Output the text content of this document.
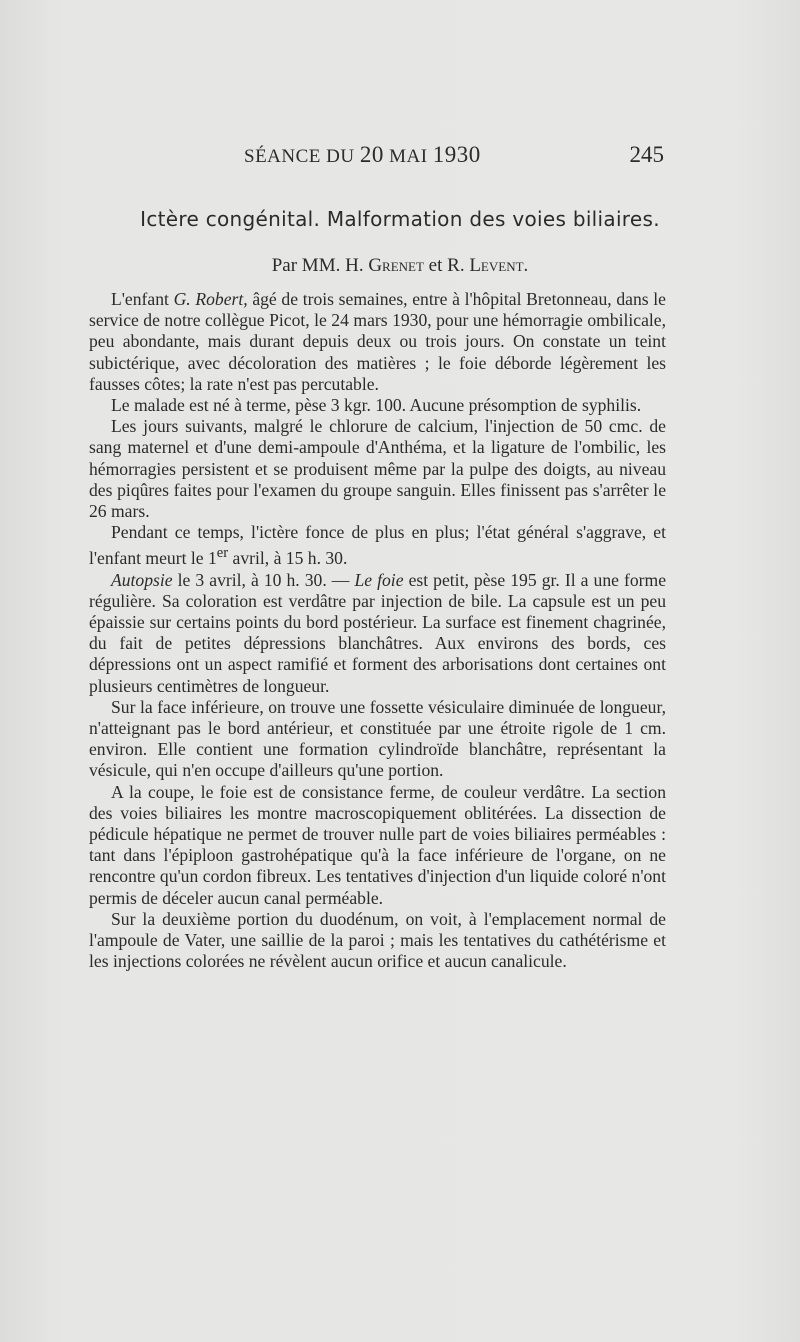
SÉANCE DU 20 MAI 1930	245
Ictère congénital. Malformation des voies biliaires.
Par MM. H. Grenet et R. Levent.

L'enfant G. Robert, âgé de trois semaines, entre à l'hôpital Bretonneau, dans le service de notre collègue Picot, le 24 mars 1930, pour une hémorragie ombilicale, peu abondante, mais durant depuis deux ou trois jours. On constate un teint subictérique, avec décoloration des matières ; le foie déborde légèrement les fausses côtes; la rate n'est pas percutable.

Le malade est né à terme, pèse 3 kgr. 100. Aucune présomption de syphilis.

Les jours suivants, malgré le chlorure de calcium, l'injection de 50 cmc. de sang maternel et d'une demi-ampoule d'Anthéma, et la ligature de l'ombilic, les hémorragies persistent et se produisent même par la pulpe des doigts, au niveau des piqûres faites pour l'examen du groupe sanguin. Elles finissent pas s'arrêter le 26 mars.

Pendant ce temps, l'ictère fonce de plus en plus; l'état général s'aggrave, et l'enfant meurt le 1er avril, à 15 h. 30.

Autopsie le 3 avril, à 10 h. 30. — Le foie est petit, pèse 195 gr. Il a une forme régulière. Sa coloration est verdâtre par injection de bile. La capsule est un peu épaissie sur certains points du bord postérieur. La surface est finement chagrinée, du fait de petites dépressions blanchâtres. Aux environs des bords, ces dépressions ont un aspect ramifié et forment des arborisations dont certaines ont plusieurs centimètres de longueur.

Sur la face inférieure, on trouve une fossette vésiculaire diminuée de longueur, n'atteignant pas le bord antérieur, et constituée par une étroite rigole de 1 cm. environ. Elle contient une formation cylindroïde blanchâtre, représentant la vésicule, qui n'en occupe d'ailleurs qu'une portion.

A la coupe, le foie est de consistance ferme, de couleur verdâtre. La section des voies biliaires les montre macroscopiquement oblitérées. La dissection de pédicule hépatique ne permet de trouver nulle part de voies biliaires perméables : tant dans l'épiploon gastrohépatique qu'à la face inférieure de l'organe, on ne rencontre qu'un cordon fibreux. Les tentatives d'injection d'un liquide coloré n'ont permis de déceler aucun canal perméable.

Sur la deuxième portion du duodénum, on voit, à l'emplacement normal de l'ampoule de Vater, une saillie de la paroi ; mais les tentatives du cathétérisme et les injections colorées ne révèlent aucun orifice et aucun canalicule.
